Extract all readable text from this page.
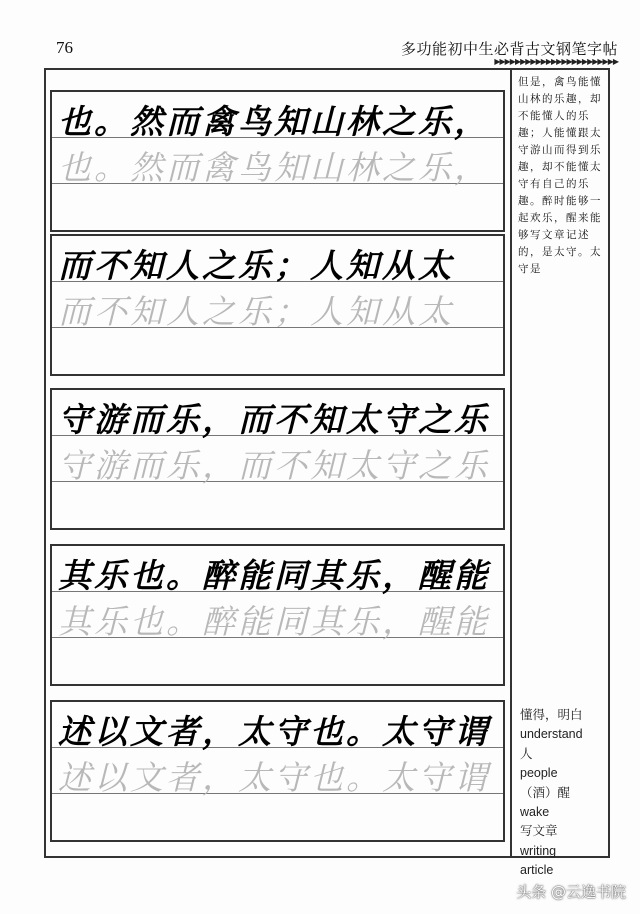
76	多功能初中生必背古文钢笔字帖
▶▶▶▶▶▶▶▶▶▶▶▶▶▶▶▶▶▶▶▶▶▶▶▶
也。然而禽鸟知山林之乐，
也。然而禽鸟知山林之乐，
而不知人之乐；人知从太
而不知人之乐；人知从太
守游而乐，而不知太守之乐
守游而乐，而不知太守之乐
其乐也。醉能同其乐，醒能
其乐也。醉能同其乐，醒能
述以文者，太守也。太守谓
述以文者，太守也。太守谓
但是，禽鸟能懂山林的乐趣，却不能懂人的乐趣；人能懂跟太守游山而得到乐趣，却不能懂太守有自己的乐趣。醉时能够一起欢乐，醒来能够写文章记述的，是太守。太守是
懂得，明白
understand
人
people
（酒）醒
wake
写文章
writing
article
头条 @云逸书院
